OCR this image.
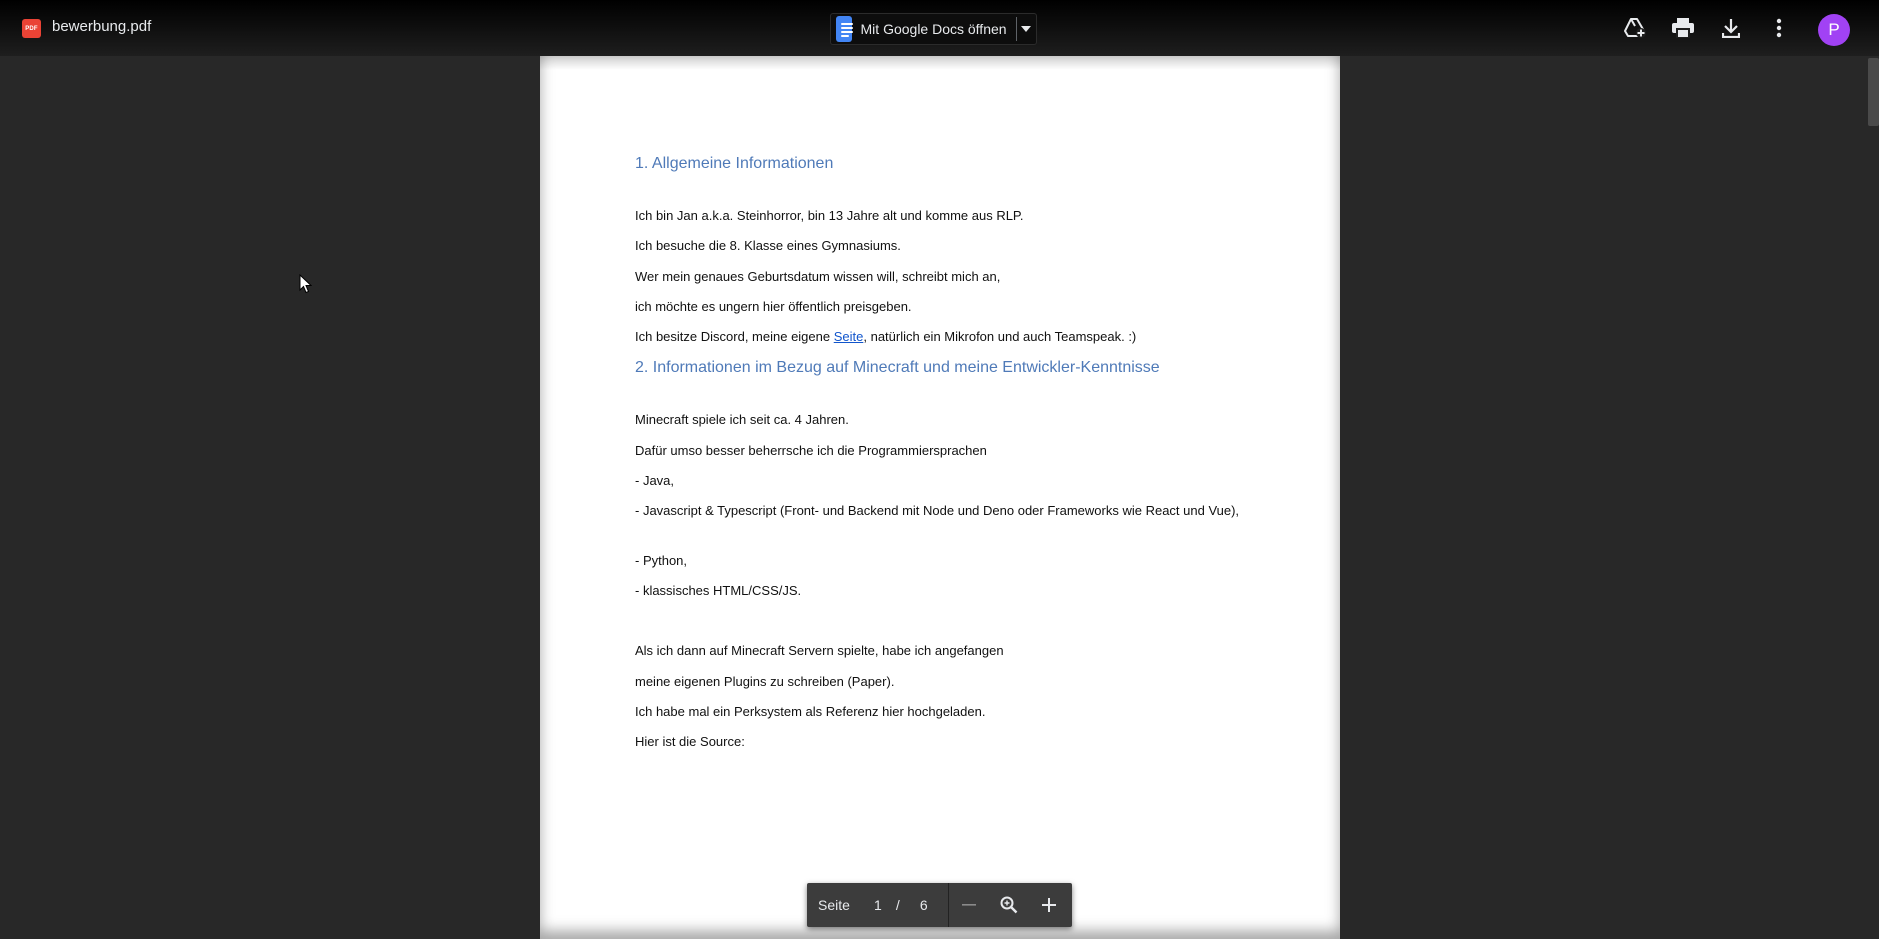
PDF bewerbung.pdf	Mit Google Docs öffnen	P
1. Allgemeine Informationen
Ich bin Jan a.k.a. Steinhorror, bin 13 Jahre alt und komme aus RLP.
Ich besuche die 8. Klasse eines Gymnasiums.
Wer mein genaues Geburtsdatum wissen will, schreibt mich an,
ich möchte es ungern hier öffentlich preisgeben.
Ich besitze Discord, meine eigene Seite, natürlich ein Mikrofon und auch Teamspeak. :)
2. Informationen im Bezug auf Minecraft und meine Entwickler-Kenntnisse
Minecraft spiele ich seit ca. 4 Jahren.
Dafür umso besser beherrsche ich die Programmiersprachen
- Java,
- Javascript & Typescript (Front- und Backend mit Node und Deno oder Frameworks wie React und Vue),
- Python,
- klassisches HTML/CSS/JS.
Als ich dann auf Minecraft Servern spielte, habe ich angefangen
meine eigenen Plugins zu schreiben (Paper).
Ich habe mal ein Perksystem als Referenz hier hochgeladen.
Hier ist die Source:
Seite	1	/	6
